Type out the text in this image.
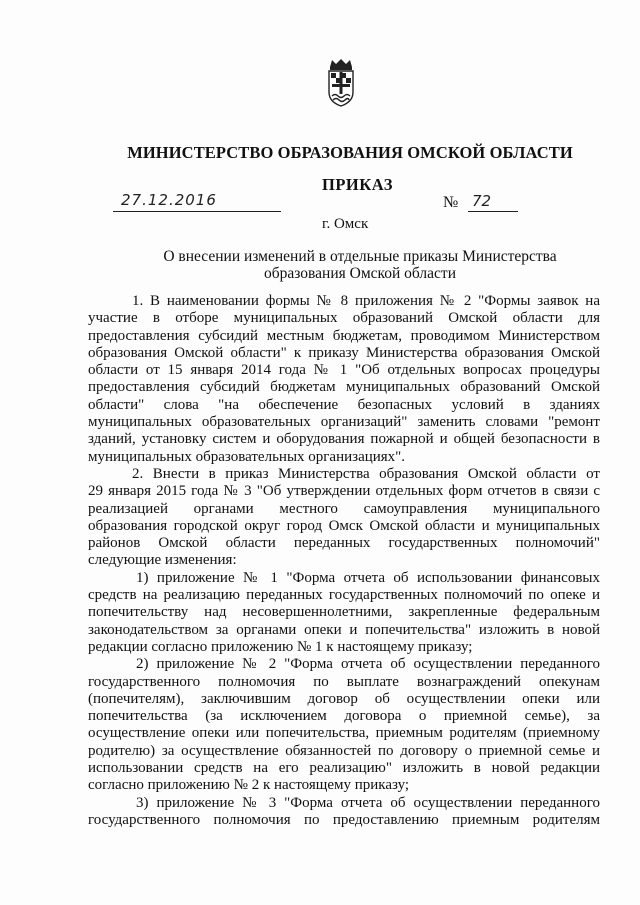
МИНИСТЕРСТВО ОБРАЗОВАНИЯ ОМСКОЙ ОБЛАСТИ
ПРИКАЗ
27.12.2016	№ 72
г. Омск
О внесении изменений в отдельные приказы Министерства
образования Омской области

1. В наименовании формы № 8 приложения № 2 "Формы заявок на
участие в отборе муниципальных образований Омской области для
предоставления субсидий местным бюджетам, проводимом Министерством
образования Омской области" к приказу Министерства образования Омской
области от 15 января 2014 года № 1 "Об отдельных вопросах процедуры
предоставления субсидий бюджетам муниципальных образований Омской
области" слова "на обеспечение безопасных условий в зданиях
муниципальных образовательных организаций" заменить словами "ремонт
зданий, установку систем и оборудования пожарной и общей безопасности в
муниципальных образовательных организациях".

2. Внести в приказ Министерства образования Омской области от
29 января 2015 года № 3 "Об утверждении отдельных форм отчетов в связи с
реализацией органами местного самоуправления муниципального
образования городской округ город Омск Омской области и муниципальных
районов Омской области переданных государственных полномочий"
следующие изменения:

1) приложение № 1 "Форма отчета об использовании финансовых
средств на реализацию переданных государственных полномочий по опеке и
попечительству над несовершеннолетними, закрепленные федеральным
законодательством за органами опеки и попечительства" изложить в новой
редакции согласно приложению № 1 к настоящему приказу;

2) приложение № 2 "Форма отчета об осуществлении переданного
государственного полномочия по выплате вознаграждений опекунам
(попечителям), заключившим договор об осуществлении опеки или
попечительства (за исключением договора о приемной семье), за
осуществление опеки или попечительства, приемным родителям (приемному
родителю) за осуществление обязанностей по договору о приемной семье и
использовании средств на его реализацию" изложить в новой редакции
согласно приложению № 2 к настоящему приказу;

3) приложение № 3 "Форма отчета об осуществлении переданного
государственного полномочия по предоставлению приемным родителям
